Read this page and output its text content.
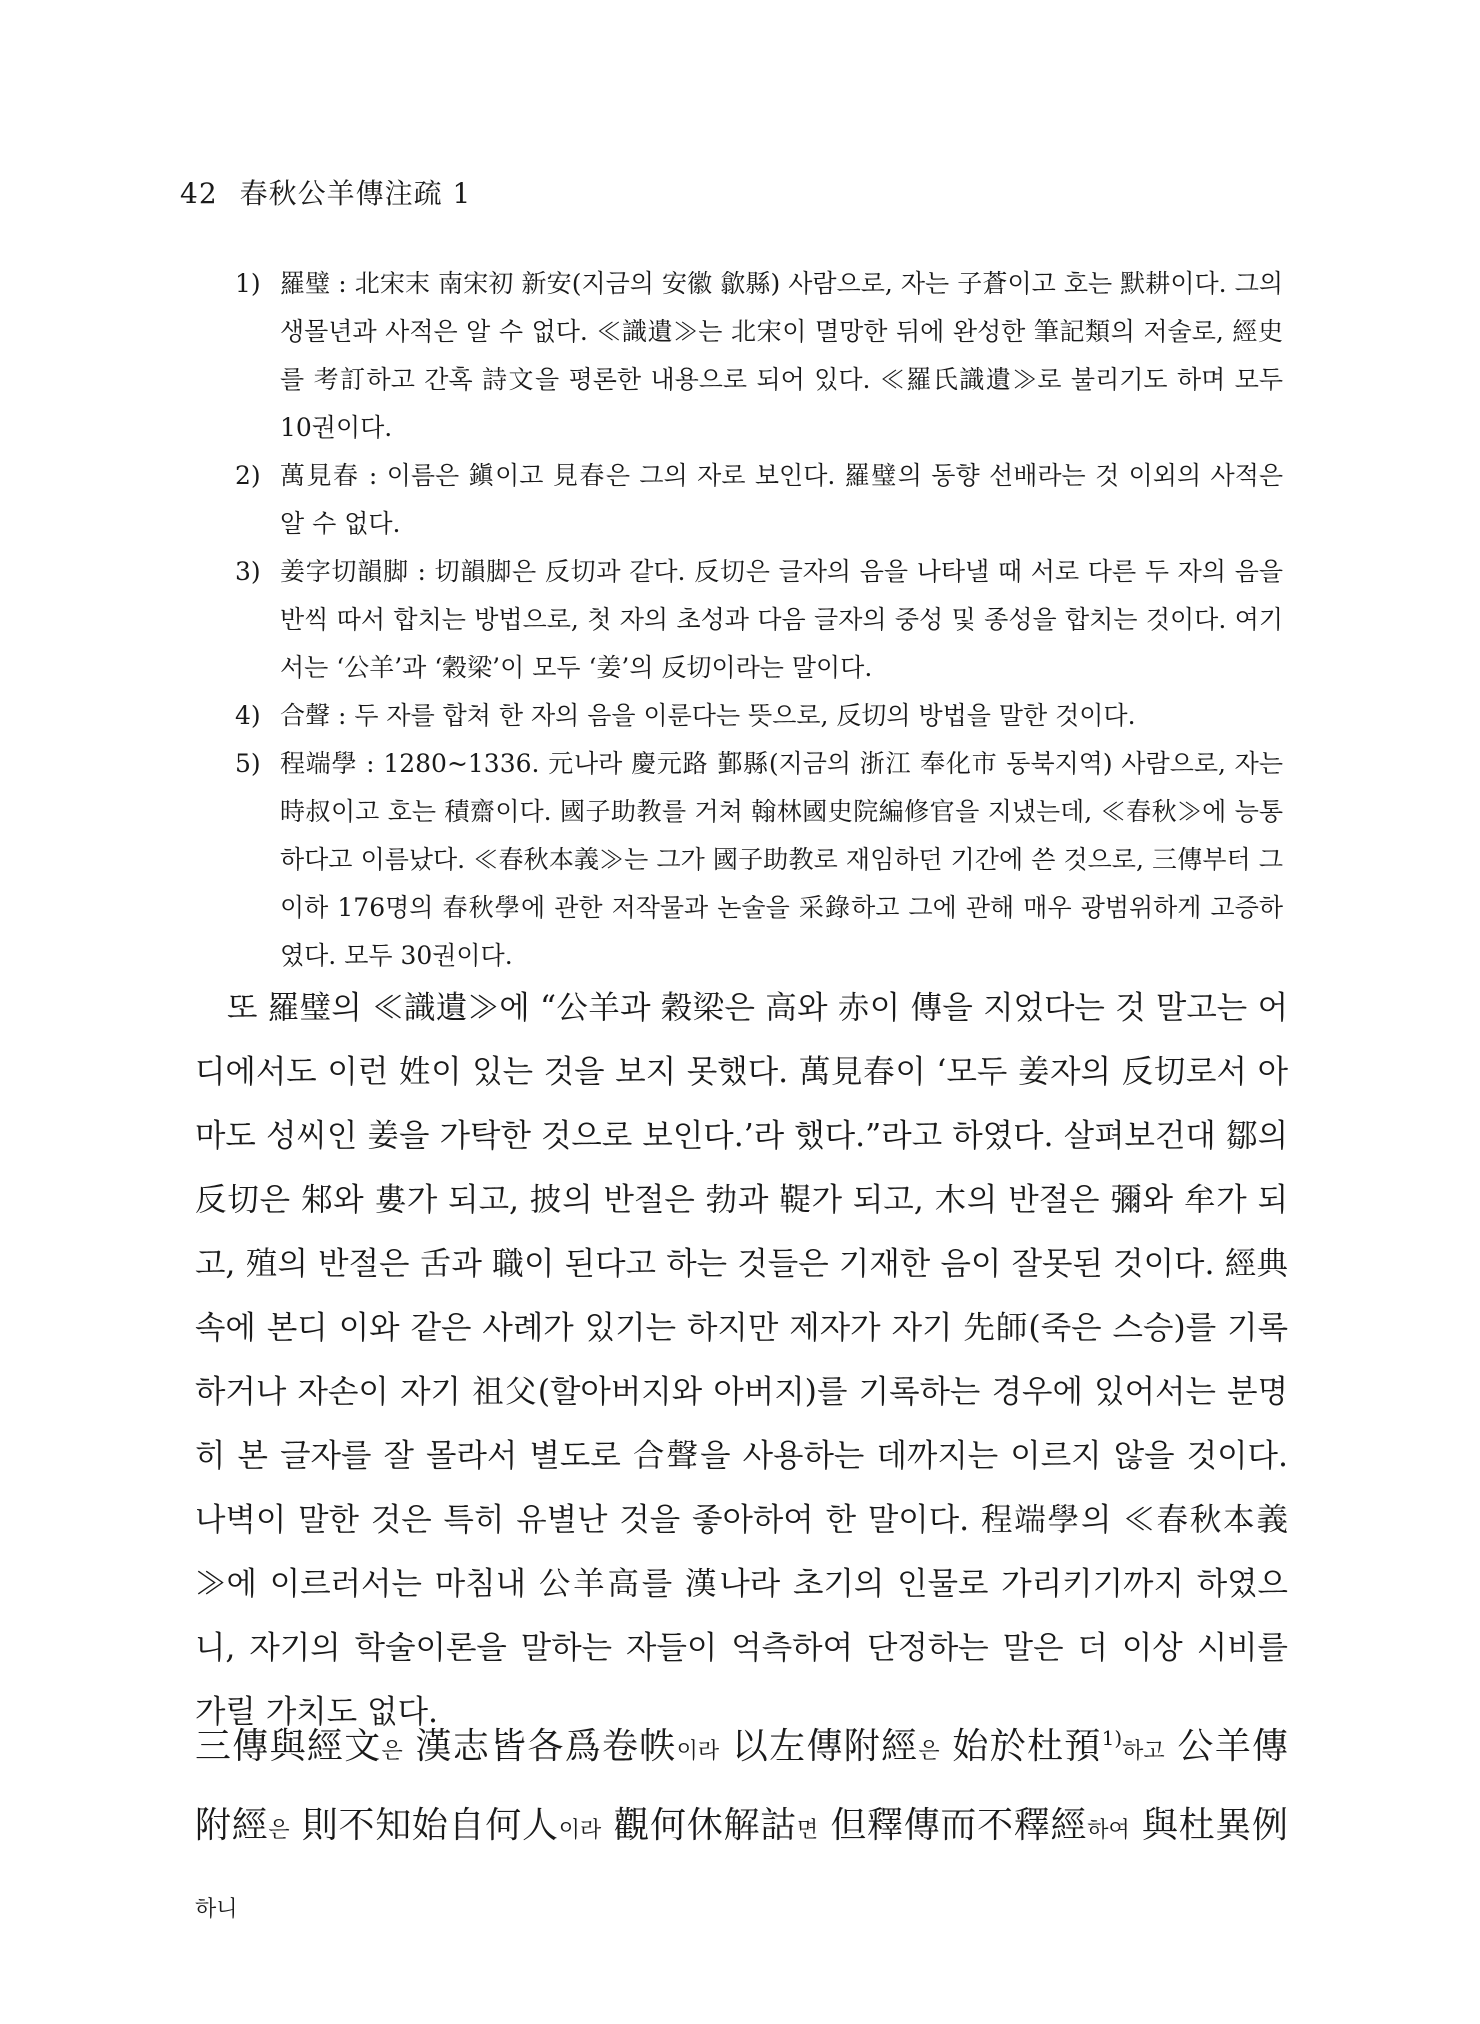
42 春秋公羊傳注疏 1
1) 羅璧 : 北宋末 南宋初 新安(지금의 安徽 歙縣) 사람으로, 자는 子蒼이고 호는 默耕이다. 그의 생몰년과 사적은 알 수 없다. ≪識遺≫는 北宋이 멸망한 뒤에 완성한 筆記類의 저술로, 經史를 考訂하고 간혹 詩文을 평론한 내용으로 되어 있다. ≪羅氏識遺≫로 불리기도 하며 모두 10권이다.
2) 萬見春 : 이름은 鎭이고 見春은 그의 자로 보인다. 羅璧의 동향 선배라는 것 이외의 사적은 알 수 없다.
3) 姜字切韻脚 : 切韻脚은 反切과 같다. 反切은 글자의 음을 나타낼 때 서로 다른 두 자의 음을 반씩 따서 합치는 방법으로, 첫 자의 초성과 다음 글자의 중성 및 종성을 합치는 것이다. 여기서는 ‘公羊’과 ‘穀梁’이 모두 ‘姜’의 反切이라는 말이다.
4) 合聲 : 두 자를 합쳐 한 자의 음을 이룬다는 뜻으로, 反切의 방법을 말한 것이다.
5) 程端學 : 1280~1336. 元나라 慶元路 鄞縣(지금의 浙江 奉化市 동북지역) 사람으로, 자는 時叔이고 호는 積齋이다. 國子助教를 거쳐 翰林國史院編修官을 지냈는데, ≪春秋≫에 능통하다고 이름났다. ≪春秋本義≫는 그가 國子助教로 재임하던 기간에 쓴 것으로, 三傳부터 그 이하 176명의 春秋學에 관한 저작물과 논술을 采錄하고 그에 관해 매우 광범위하게 고증하였다. 모두 30권이다.
또 羅璧의 ≪識遺≫에 “公羊과 穀梁은 高와 赤이 傳을 지었다는 것 말고는 어디에서도 이런 姓이 있는 것을 보지 못했다. 萬見春이 ‘모두 姜자의 反切로서 아마도 성씨인 姜을 가탁한 것으로 보인다.’라 했다.”라고 하였다. 살펴보건대 鄒의 反切은 邾와 婁가 되고, 披의 반절은 勃과 鞮가 되고, 木의 반절은 彌와 牟가 되고, 殖의 반절은 舌과 職이 된다고 하는 것들은 기재한 음이 잘못된 것이다. 經典 속에 본디 이와 같은 사례가 있기는 하지만 제자가 자기 先師(죽은 스승)를 기록하거나 자손이 자기 祖父(할아버지와 아버지)를 기록하는 경우에 있어서는 분명히 본 글자를 잘 몰라서 별도로 合聲을 사용하는 데까지는 이르지 않을 것이다. 나벽이 말한 것은 특히 유별난 것을 좋아하여 한 말이다. 程端學의 ≪春秋本義≫에 이르러서는 마침내 公羊高를 漢나라 초기의 인물로 가리키기까지 하였으니, 자기의 학술이론을 말하는 자들이 억측하여 단정하는 말은 더 이상 시비를 가릴 가치도 없다.
三傳與經文은 漢志皆各爲卷帙이라 以左傳附經은 始於杜預$^{1)}$하고 公羊傳附經은 則不知始自何人이라 觀何休解詁면 但釋傳而不釋經하여 與杜異例하니
